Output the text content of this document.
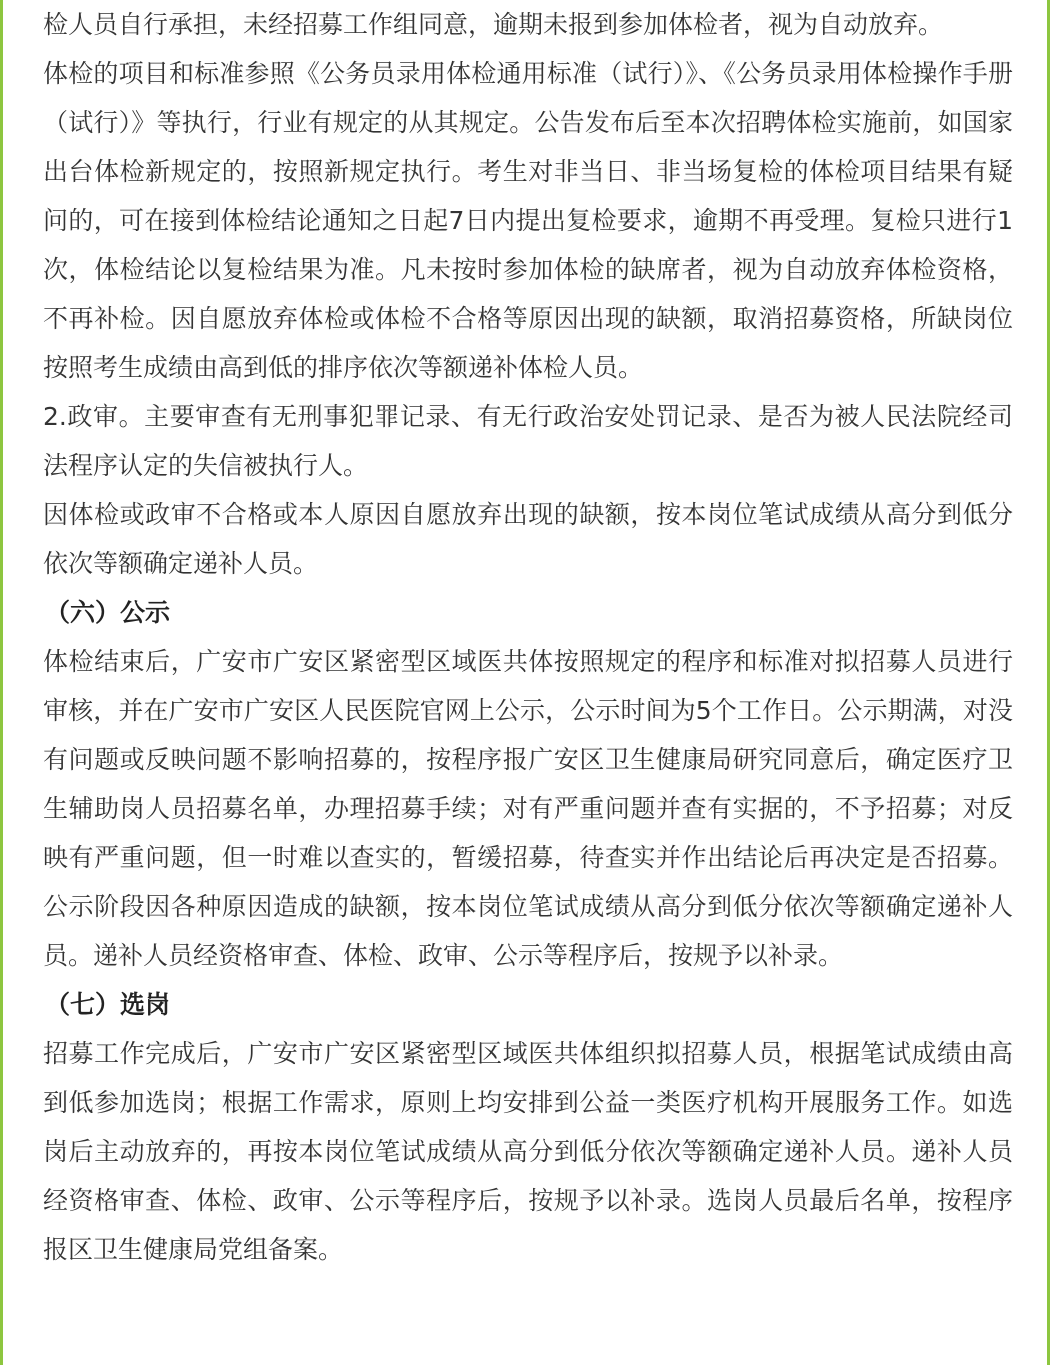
检人员自行承担，未经招募工作组同意，逾期未报到参加体检者，视为自动放弃。

体检的项目和标准参照《公务员录用体检通用标准（试行）》、《公务员录用体检操作手册（试行）》等执行，行业有规定的从其规定。公告发布后至本次招聘体检实施前，如国家出台体检新规定的，按照新规定执行。考生对非当日、非当场复检的体检项目结果有疑问的，可在接到体检结论通知之日起7日内提出复检要求，逾期不再受理。复检只进行1次，体检结论以复检结果为准。凡未按时参加体检的缺席者，视为自动放弃体检资格，不再补检。因自愿放弃体检或体检不合格等原因出现的缺额，取消招募资格，所缺岗位按照考生成绩由高到低的排序依次等额递补体检人员。

2.政审。主要审查有无刑事犯罪记录、有无行政治安处罚记录、是否为被人民法院经司法程序认定的失信被执行人。

因体检或政审不合格或本人原因自愿放弃出现的缺额，按本岗位笔试成绩从高分到低分依次等额确定递补人员。

（六）公示

体检结束后，广安市广安区紧密型区域医共体按照规定的程序和标准对拟招募人员进行审核，并在广安市广安区人民医院官网上公示，公示时间为5个工作日。公示期满，对没有问题或反映问题不影响招募的，按程序报广安区卫生健康局研究同意后，确定医疗卫生辅助岗人员招募名单，办理招募手续；对有严重问题并查有实据的，不予招募；对反映有严重问题，但一时难以查实的，暂缓招募，待查实并作出结论后再决定是否招募。公示阶段因各种原因造成的缺额，按本岗位笔试成绩从高分到低分依次等额确定递补人员。递补人员经资格审查、体检、政审、公示等程序后，按规予以补录。

（七）选岗

招募工作完成后，广安市广安区紧密型区域医共体组织拟招募人员，根据笔试成绩由高到低参加选岗；根据工作需求，原则上均安排到公益一类医疗机构开展服务工作。如选岗后主动放弃的，再按本岗位笔试成绩从高分到低分依次等额确定递补人员。递补人员经资格审查、体检、政审、公示等程序后，按规予以补录。选岗人员最后名单，按程序报区卫生健康局党组备案。
